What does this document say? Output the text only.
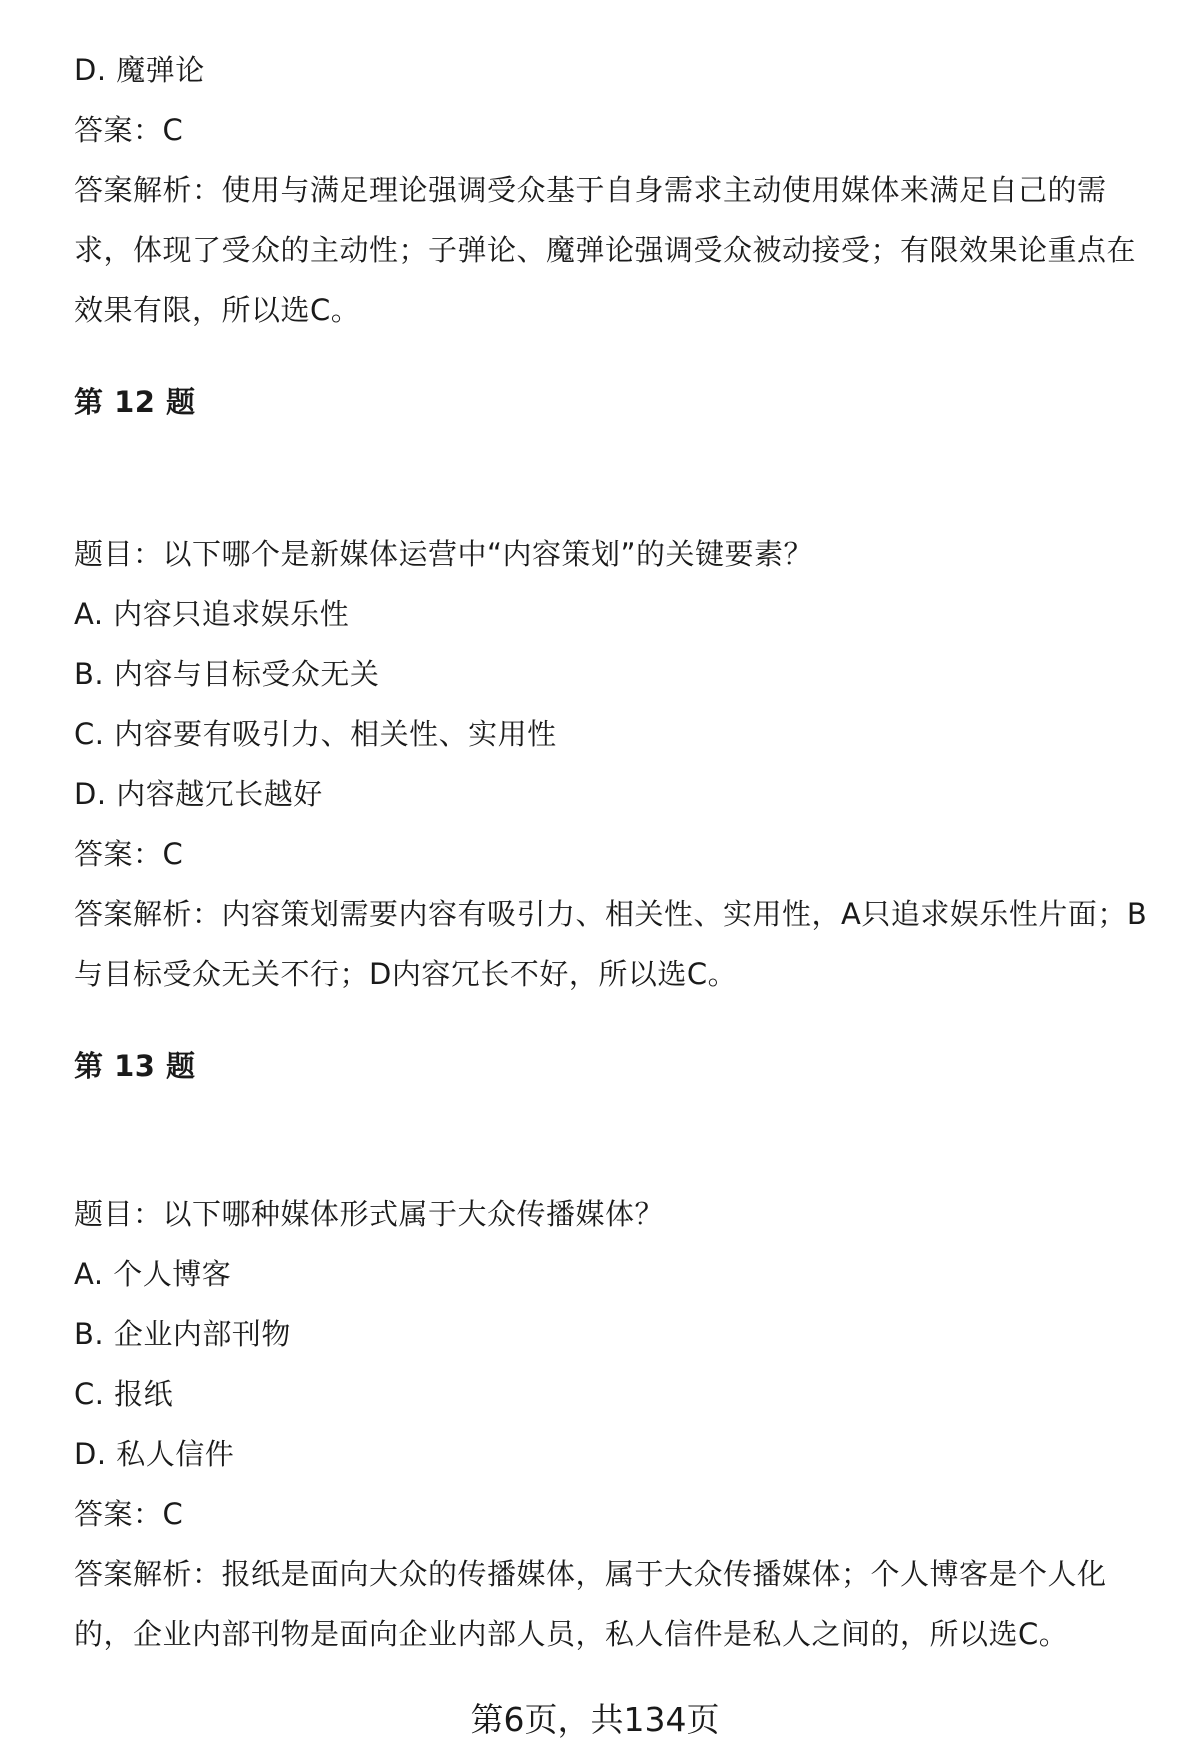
D. 魔弹论
答案：C
答案解析：使用与满足理论强调受众基于自身需求主动使用媒体来满足自己的需
求，体现了受众的主动性；子弹论、魔弹论强调受众被动接受；有限效果论重点在
效果有限，所以选C。
第 12 题
题目：以下哪个是新媒体运营中“内容策划”的关键要素？
A. 内容只追求娱乐性
B. 内容与目标受众无关
C. 内容要有吸引力、相关性、实用性
D. 内容越冗长越好
答案：C
答案解析：内容策划需要内容有吸引力、相关性、实用性，A只追求娱乐性片面；B
与目标受众无关不行；D内容冗长不好，所以选C。
第 13 题
题目：以下哪种媒体形式属于大众传播媒体？
A. 个人博客
B. 企业内部刊物
C. 报纸
D. 私人信件
答案：C
答案解析：报纸是面向大众的传播媒体，属于大众传播媒体；个人博客是个人化
的，企业内部刊物是面向企业内部人员，私人信件是私人之间的，所以选C。
第6页，共134页
